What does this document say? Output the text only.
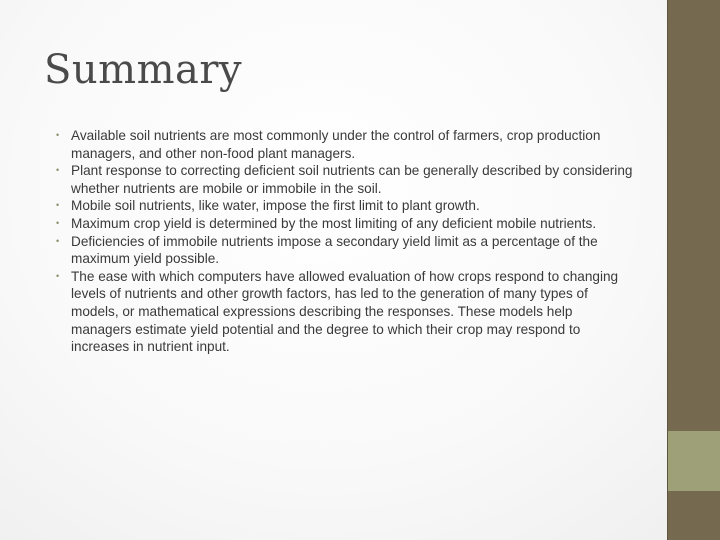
Summary
• Available soil nutrients are most commonly under the control of farmers, crop production managers, and other non-food plant managers.
• Plant response to correcting deficient soil nutrients can be generally described by considering whether nutrients are mobile or immobile in the soil.
• Mobile soil nutrients, like water, impose the first limit to plant growth.
• Maximum crop yield is determined by the most limiting of any deficient mobile nutrients.
• Deficiencies of immobile nutrients impose a secondary yield limit as a percentage of the maximum yield possible.
• The ease with which computers have allowed evaluation of how crops respond to changing levels of nutrients and other growth factors, has led to the generation of many types of models, or mathematical expressions describing the responses. These models help managers estimate yield potential and the degree to which their crop may respond to increases in nutrient input.
